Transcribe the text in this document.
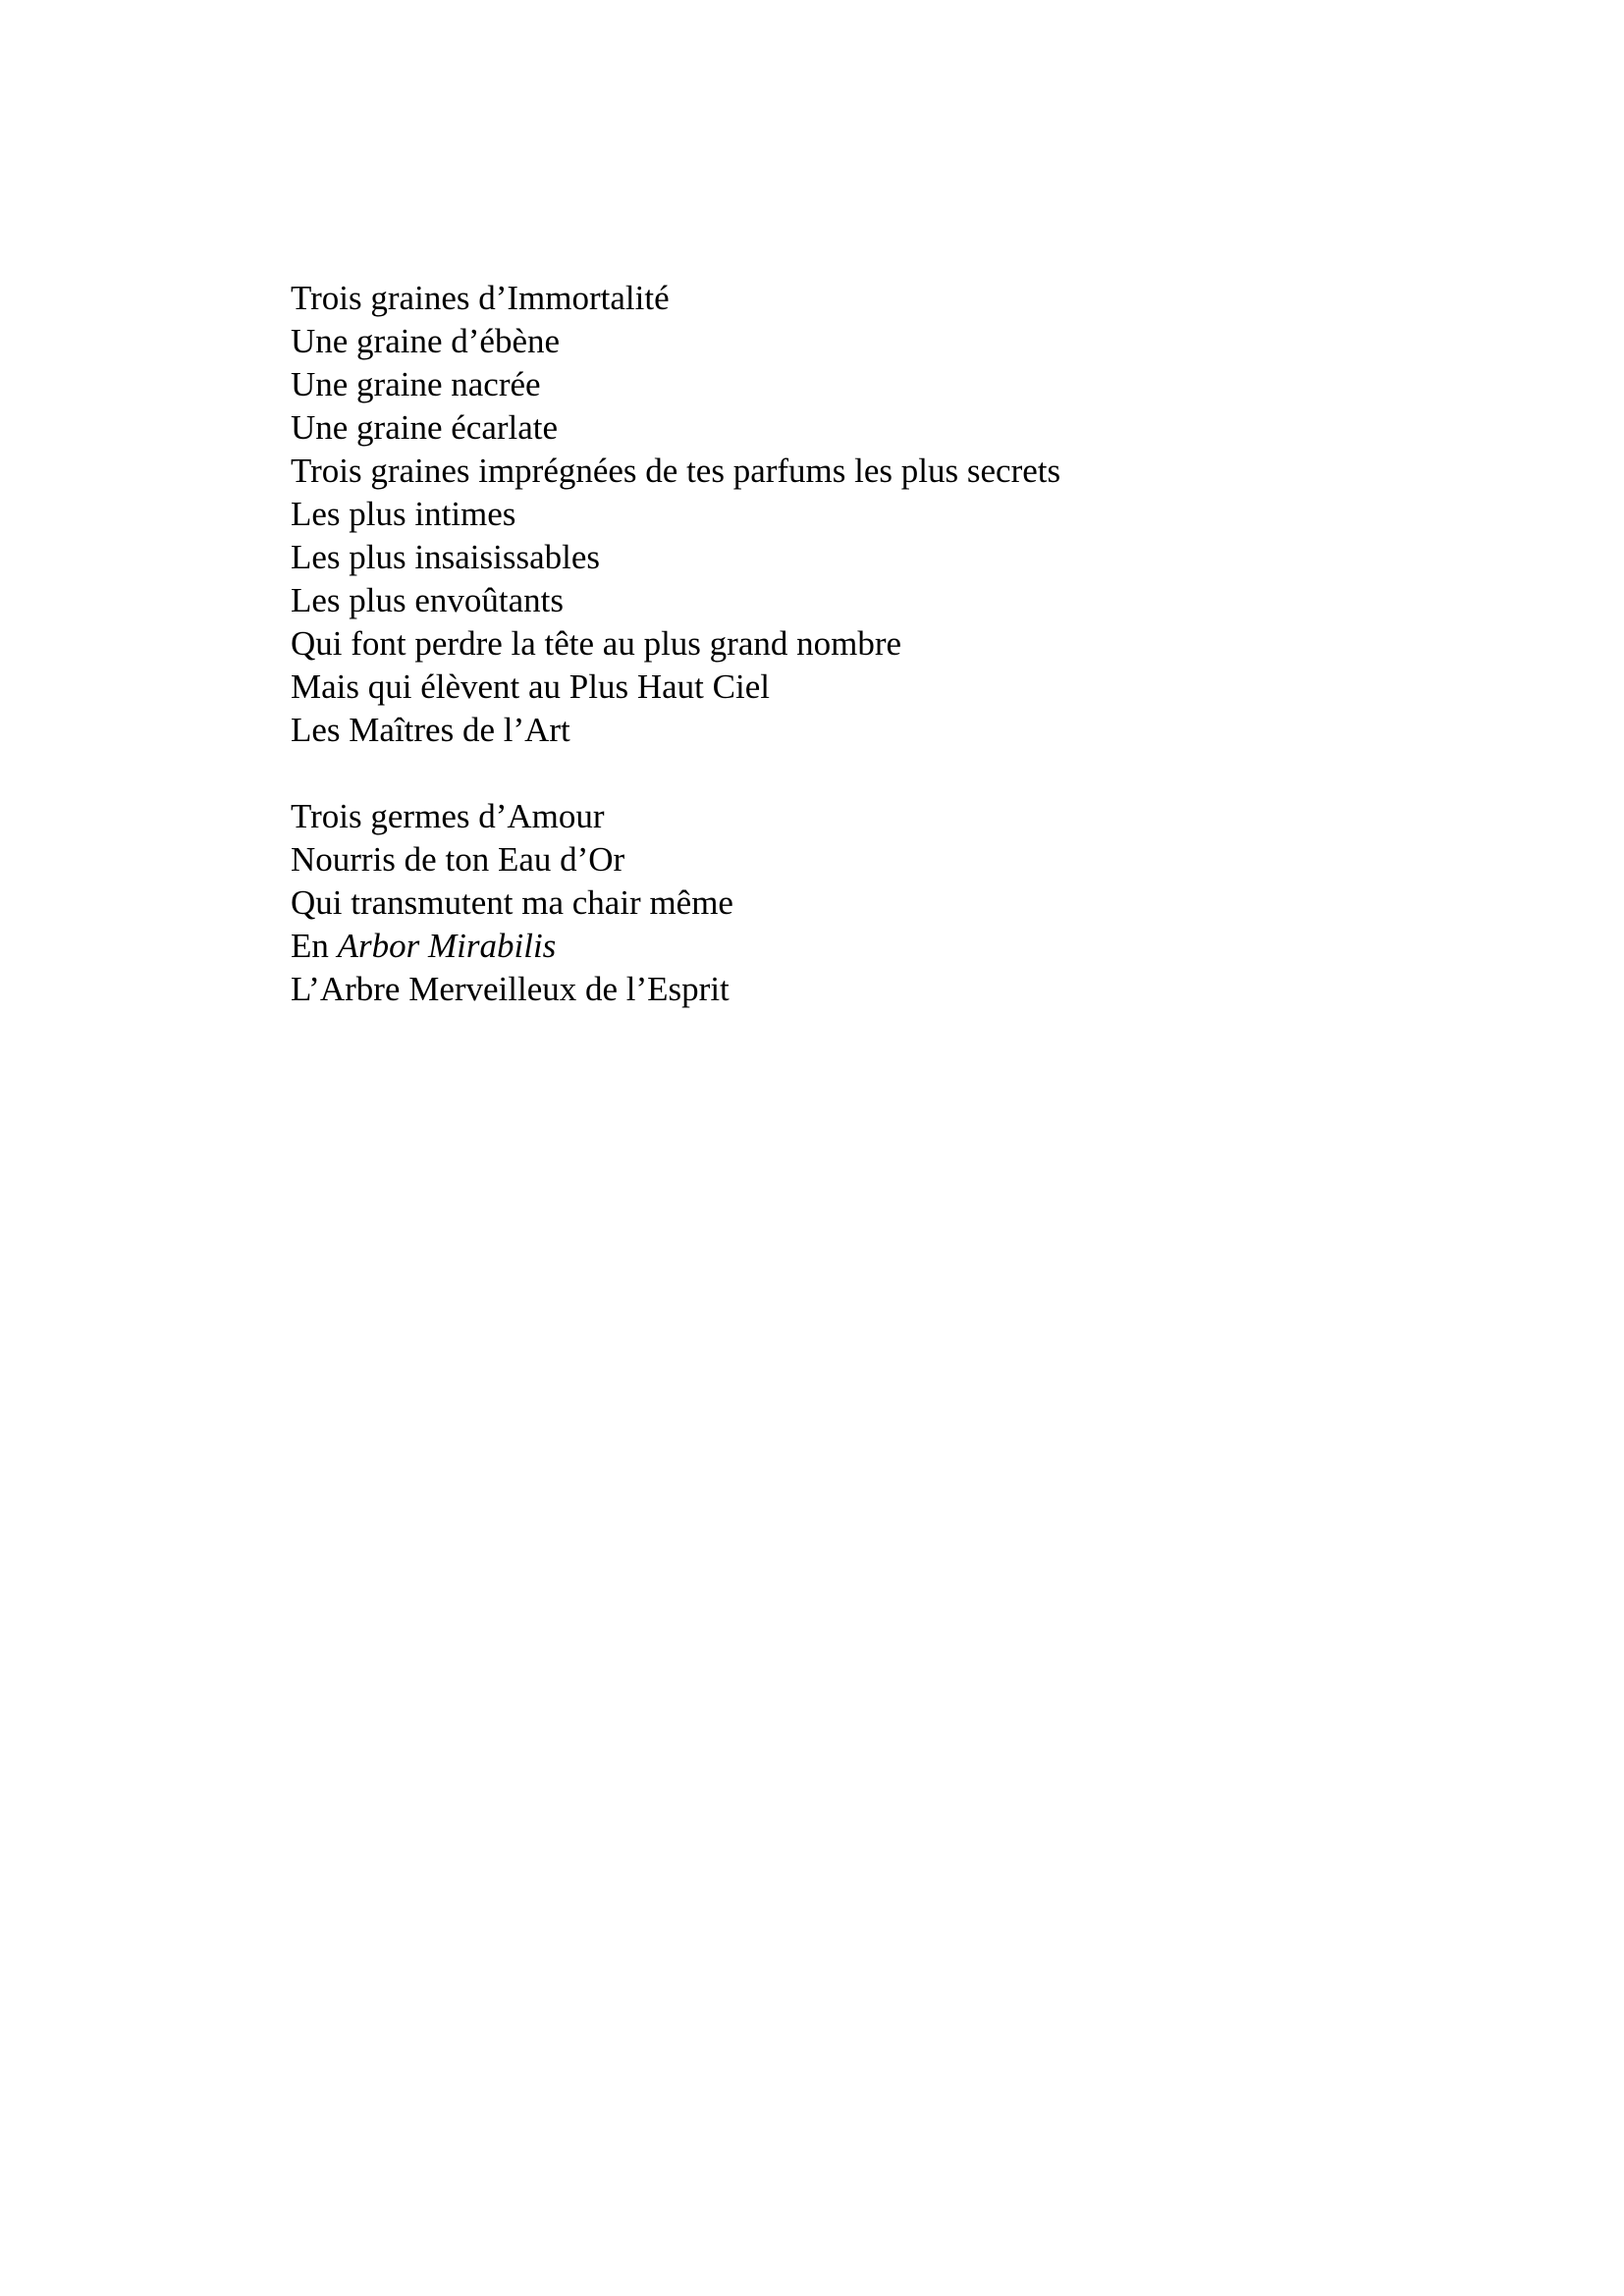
Trois graines d’Immortalité
Une graine d’ébène
Une graine nacrée
Une graine écarlate
Trois graines imprégnées de tes parfums les plus secrets
Les plus intimes
Les plus insaisissables
Les plus envoûtants
Qui font perdre la tête au plus grand nombre
Mais qui élèvent au Plus Haut Ciel
Les Maîtres de l’Art
Trois germes d’Amour
Nourris de ton Eau d’Or
Qui transmutent ma chair même
En Arbor Mirabilis
L’Arbre Merveilleux de l’Esprit
